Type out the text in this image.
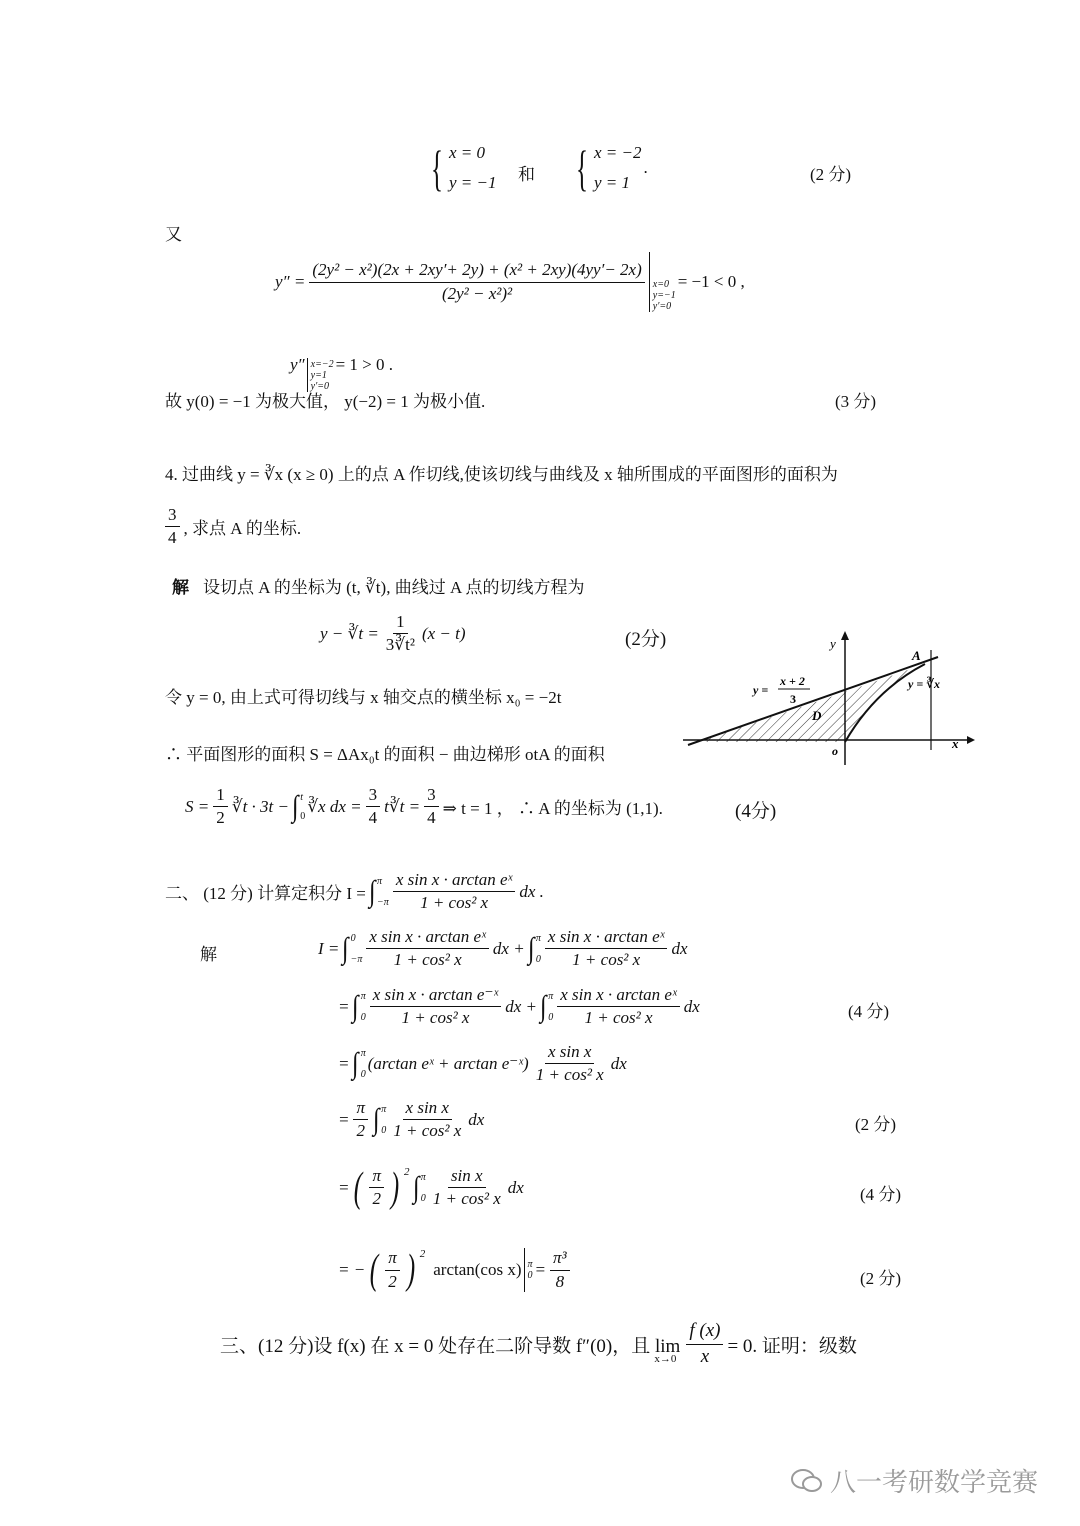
{ x = 0
y = −1 和 { x = −2
y = 1
.	(2 分)
又
$y'' = \frac{\text{(2y² − x²)(2x + 2xy′+ 2y) + (x² + 2xy)(4yy′− 2x)}}{\text{(2y² − x²)²}} x=0$
y=−1
y′=0
= −1 < 0 ,
y″ x=−2
y=1
y′=0
= 1 > 0 .
故 y(0) = −1 为极大值， y(−2) = 1 为极小值.	(3 分)
4. 过曲线 y = ∛x (x ≥ 0) 上的点 A 作切线,使该切线与曲线及 x 轴所围成的平面图形的面积为
$\frac{3}{4}$ , 求点 A 的坐标.
解 设切点 A 的坐标为 (t, ∛t), 曲线过 A 点的切线方程为
y − ∛t = $\frac{1}{\text{3∛t²}} (x - t)$	(2分)
令 y = 0, 由上式可得切线与 x 轴交点的横坐标 x₀ = −2t
∴ 平面图形的面积 S = ΔAx₀t 的面积 − 曲边梯形 otA 的面积
$S = \frac{1}{2}$ ∛t · 3t − ∫ t
0
∛x dx = $\frac{3}{4}$ t∛t = $\frac{3}{4}$ ⇒ t = 1 ， ∴ A 的坐标为 (1,1).	(4分)
y
x
o
A
D
y =
x + 2
3
y = ∛x
二、 (12 分) 计算定积分 I = ∫ π
$-\pi \frac{\text{x sin x · arctan eˣ}}{\text{1 + cos² x}}$ dx .
解	I = ∫ 0
$-\pi \frac{\text{x sin x · arctan eˣ}}{\text{1 + cos² x}}$ dx + ∫ π
$0 \frac{\text{x sin x · arctan eˣ}}{\text{1 + cos² x}}$ dx
= ∫ π
$0 \frac{\text{x sin x · arctan e⁻ˣ}}{\text{1 + cos² x}}$ dx + ∫ π
$0 \frac{\text{x sin x · arctan eˣ}}{\text{1 + cos² x}}$ dx	(4 分)
= ∫ π
0
(arctan eˣ + arctan e⁻ˣ) $\frac{\text{x sin x}}{\text{1 + cos² x}}$ dx
= $\frac{\pi}{2}$ ∫ π
$0 \frac{\text{x sin x}}{\text{1 + cos² x}}$ dx	(2 分)
= ( $\frac{\pi}{2}$ ) $^2$ ∫ π
$0 \frac{\text{sin x}}{\text{1 + cos² x}}$ dx	(4 分)
= − ( $\frac{\pi}{2}$ ) $^2$
arctan(cos x) π
$0 = \frac{\text{π³}}{8}$	(2 分)
三、(12 分)设 f(x) 在 x = 0 处存在二阶导数 f″(0)，且 lim
$x\to 0 \frac{f (x)}{x} = 0$. 证明：级数
八一考研数学竞赛
